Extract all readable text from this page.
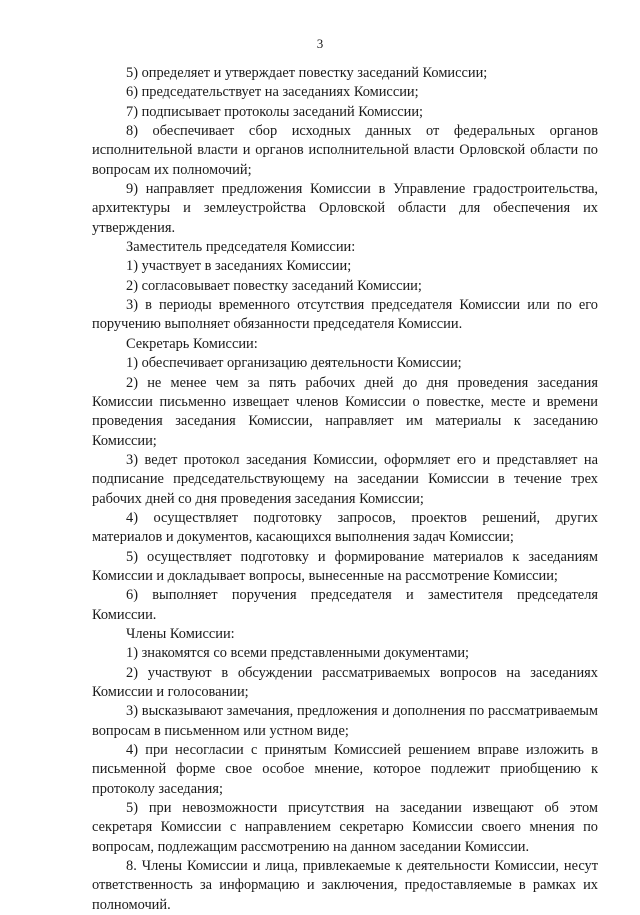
3

5) определяет и утверждает повестку заседаний Комиссии;

6) председательствует на заседаниях Комиссии;

7) подписывает протоколы заседаний Комиссии;

8) обеспечивает сбор исходных данных от федеральных органов исполнительной власти и органов исполнительной власти Орловской области по вопросам их полномочий;

9) направляет предложения Комиссии в Управление градостроительства, архитектуры и землеустройства Орловской области для обеспечения их утверждения.

Заместитель председателя Комиссии:

1) участвует в заседаниях Комиссии;

2) согласовывает повестку заседаний Комиссии;

3) в периоды временного отсутствия председателя Комиссии или по его поручению выполняет обязанности председателя Комиссии.

Секретарь Комиссии:

1) обеспечивает организацию деятельности Комиссии;

2) не менее чем за пять рабочих дней до дня проведения заседания Комиссии письменно извещает членов Комиссии о повестке, месте и времени проведения заседания Комиссии, направляет им материалы к заседанию Комиссии;

3) ведет протокол заседания Комиссии, оформляет его и представляет на подписание председательствующему на заседании Комиссии в течение трех рабочих дней со дня проведения заседания Комиссии;

4) осуществляет подготовку запросов, проектов решений, других материалов и документов, касающихся выполнения задач Комиссии;

5) осуществляет подготовку и формирование материалов к заседаниям Комиссии и докладывает вопросы, вынесенные на рассмотрение Комиссии;

6) выполняет поручения председателя и заместителя председателя Комиссии.

Члены Комиссии:

1) знакомятся со всеми представленными документами;

2) участвуют в обсуждении рассматриваемых вопросов на заседаниях Комиссии и голосовании;

3) высказывают замечания, предложения и дополнения по рассматриваемым вопросам в письменном или устном виде;

4) при несогласии с принятым Комиссией решением вправе изложить в письменной форме свое особое мнение, которое подлежит приобщению к протоколу заседания;

5) при невозможности присутствия на заседании извещают об этом секретаря Комиссии с направлением секретарю Комиссии своего мнения по вопросам, подлежащим рассмотрению на данном заседании Комиссии.

8. Члены Комиссии и лица, привлекаемые к деятельности Комиссии, несут ответственность за информацию и заключения, предоставляемые в рамках их полномочий.
